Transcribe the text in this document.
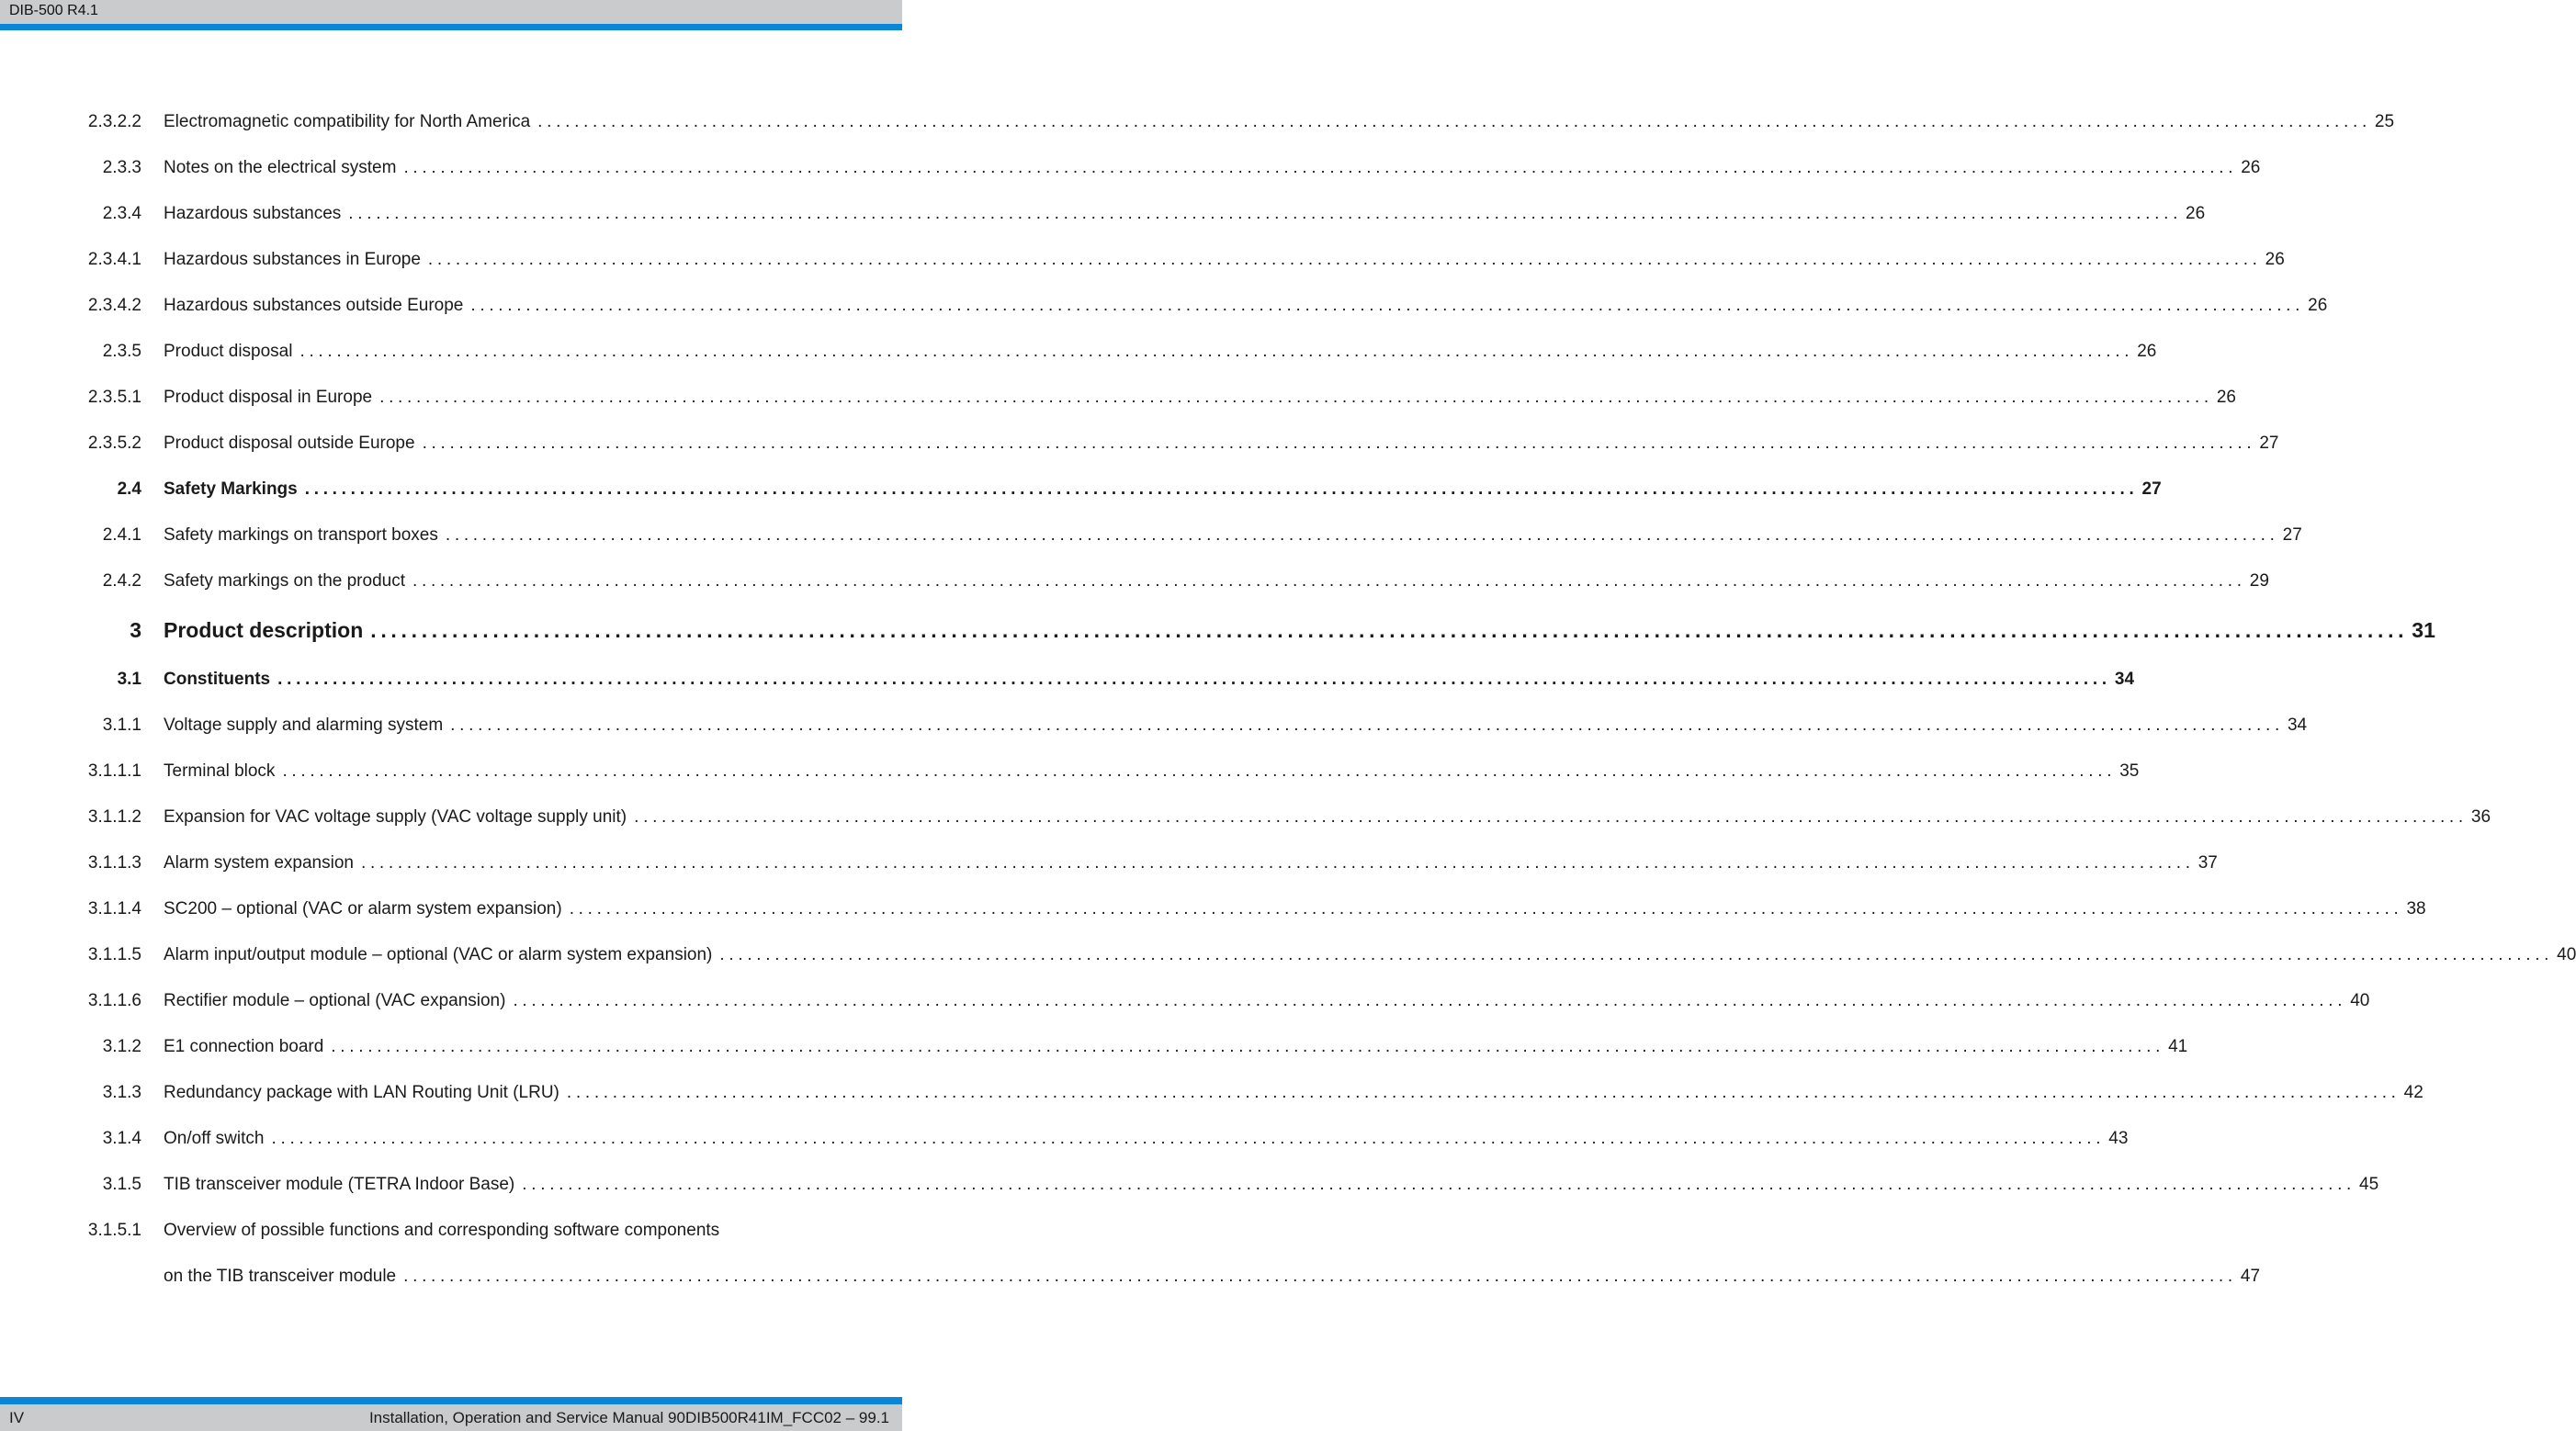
DIB-500 R4.1
2.3.2.2 Electromagnetic compatibility for North America ........................................................................................................................................................................................................ 25
2.3.3 Notes on the electrical system ........................................................................................................................................................................................................ 26
2.3.4 Hazardous substances ........................................................................................................................................................................................................ 26
2.3.4.1 Hazardous substances in Europe ........................................................................................................................................................................................................ 26
2.3.4.2 Hazardous substances outside Europe ........................................................................................................................................................................................................ 26
2.3.5 Product disposal ........................................................................................................................................................................................................ 26
2.3.5.1 Product disposal in Europe ........................................................................................................................................................................................................ 26
2.3.5.2 Product disposal outside Europe ........................................................................................................................................................................................................ 27
2.4 Safety Markings ........................................................................................................................................................................................................ 27
2.4.1 Safety markings on transport boxes ........................................................................................................................................................................................................ 27
2.4.2 Safety markings on the product ........................................................................................................................................................................................................ 29
3 Product description ........................................................................................................................................................................................................ 31
3.1 Constituents ........................................................................................................................................................................................................ 34
3.1.1 Voltage supply and alarming system ........................................................................................................................................................................................................ 34
3.1.1.1 Terminal block ........................................................................................................................................................................................................ 35
3.1.1.2 Expansion for VAC voltage supply (VAC voltage supply unit) ........................................................................................................................................................................................................ 36
3.1.1.3 Alarm system expansion ........................................................................................................................................................................................................ 37
3.1.1.4 SC200 – optional (VAC or alarm system expansion) ........................................................................................................................................................................................................ 38
3.1.1.5 Alarm input/output module – optional (VAC or alarm system expansion) ........................................................................................................................................................................................................ 40
3.1.1.6 Rectifier module – optional (VAC expansion) ........................................................................................................................................................................................................ 40
3.1.2 E1 connection board ........................................................................................................................................................................................................ 41
3.1.3 Redundancy package with LAN Routing Unit (LRU) ........................................................................................................................................................................................................ 42
3.1.4 On/off switch ........................................................................................................................................................................................................ 43
3.1.5 TIB transceiver module (TETRA Indoor Base) ........................................................................................................................................................................................................ 45
3.1.5.1 Overview of possible functions and corresponding software components
on the TIB transceiver module ........................................................................................................................................................................................................ 47
IV	Installation, Operation and Service Manual 90DIB500R41IM_FCC02 – 99.1
